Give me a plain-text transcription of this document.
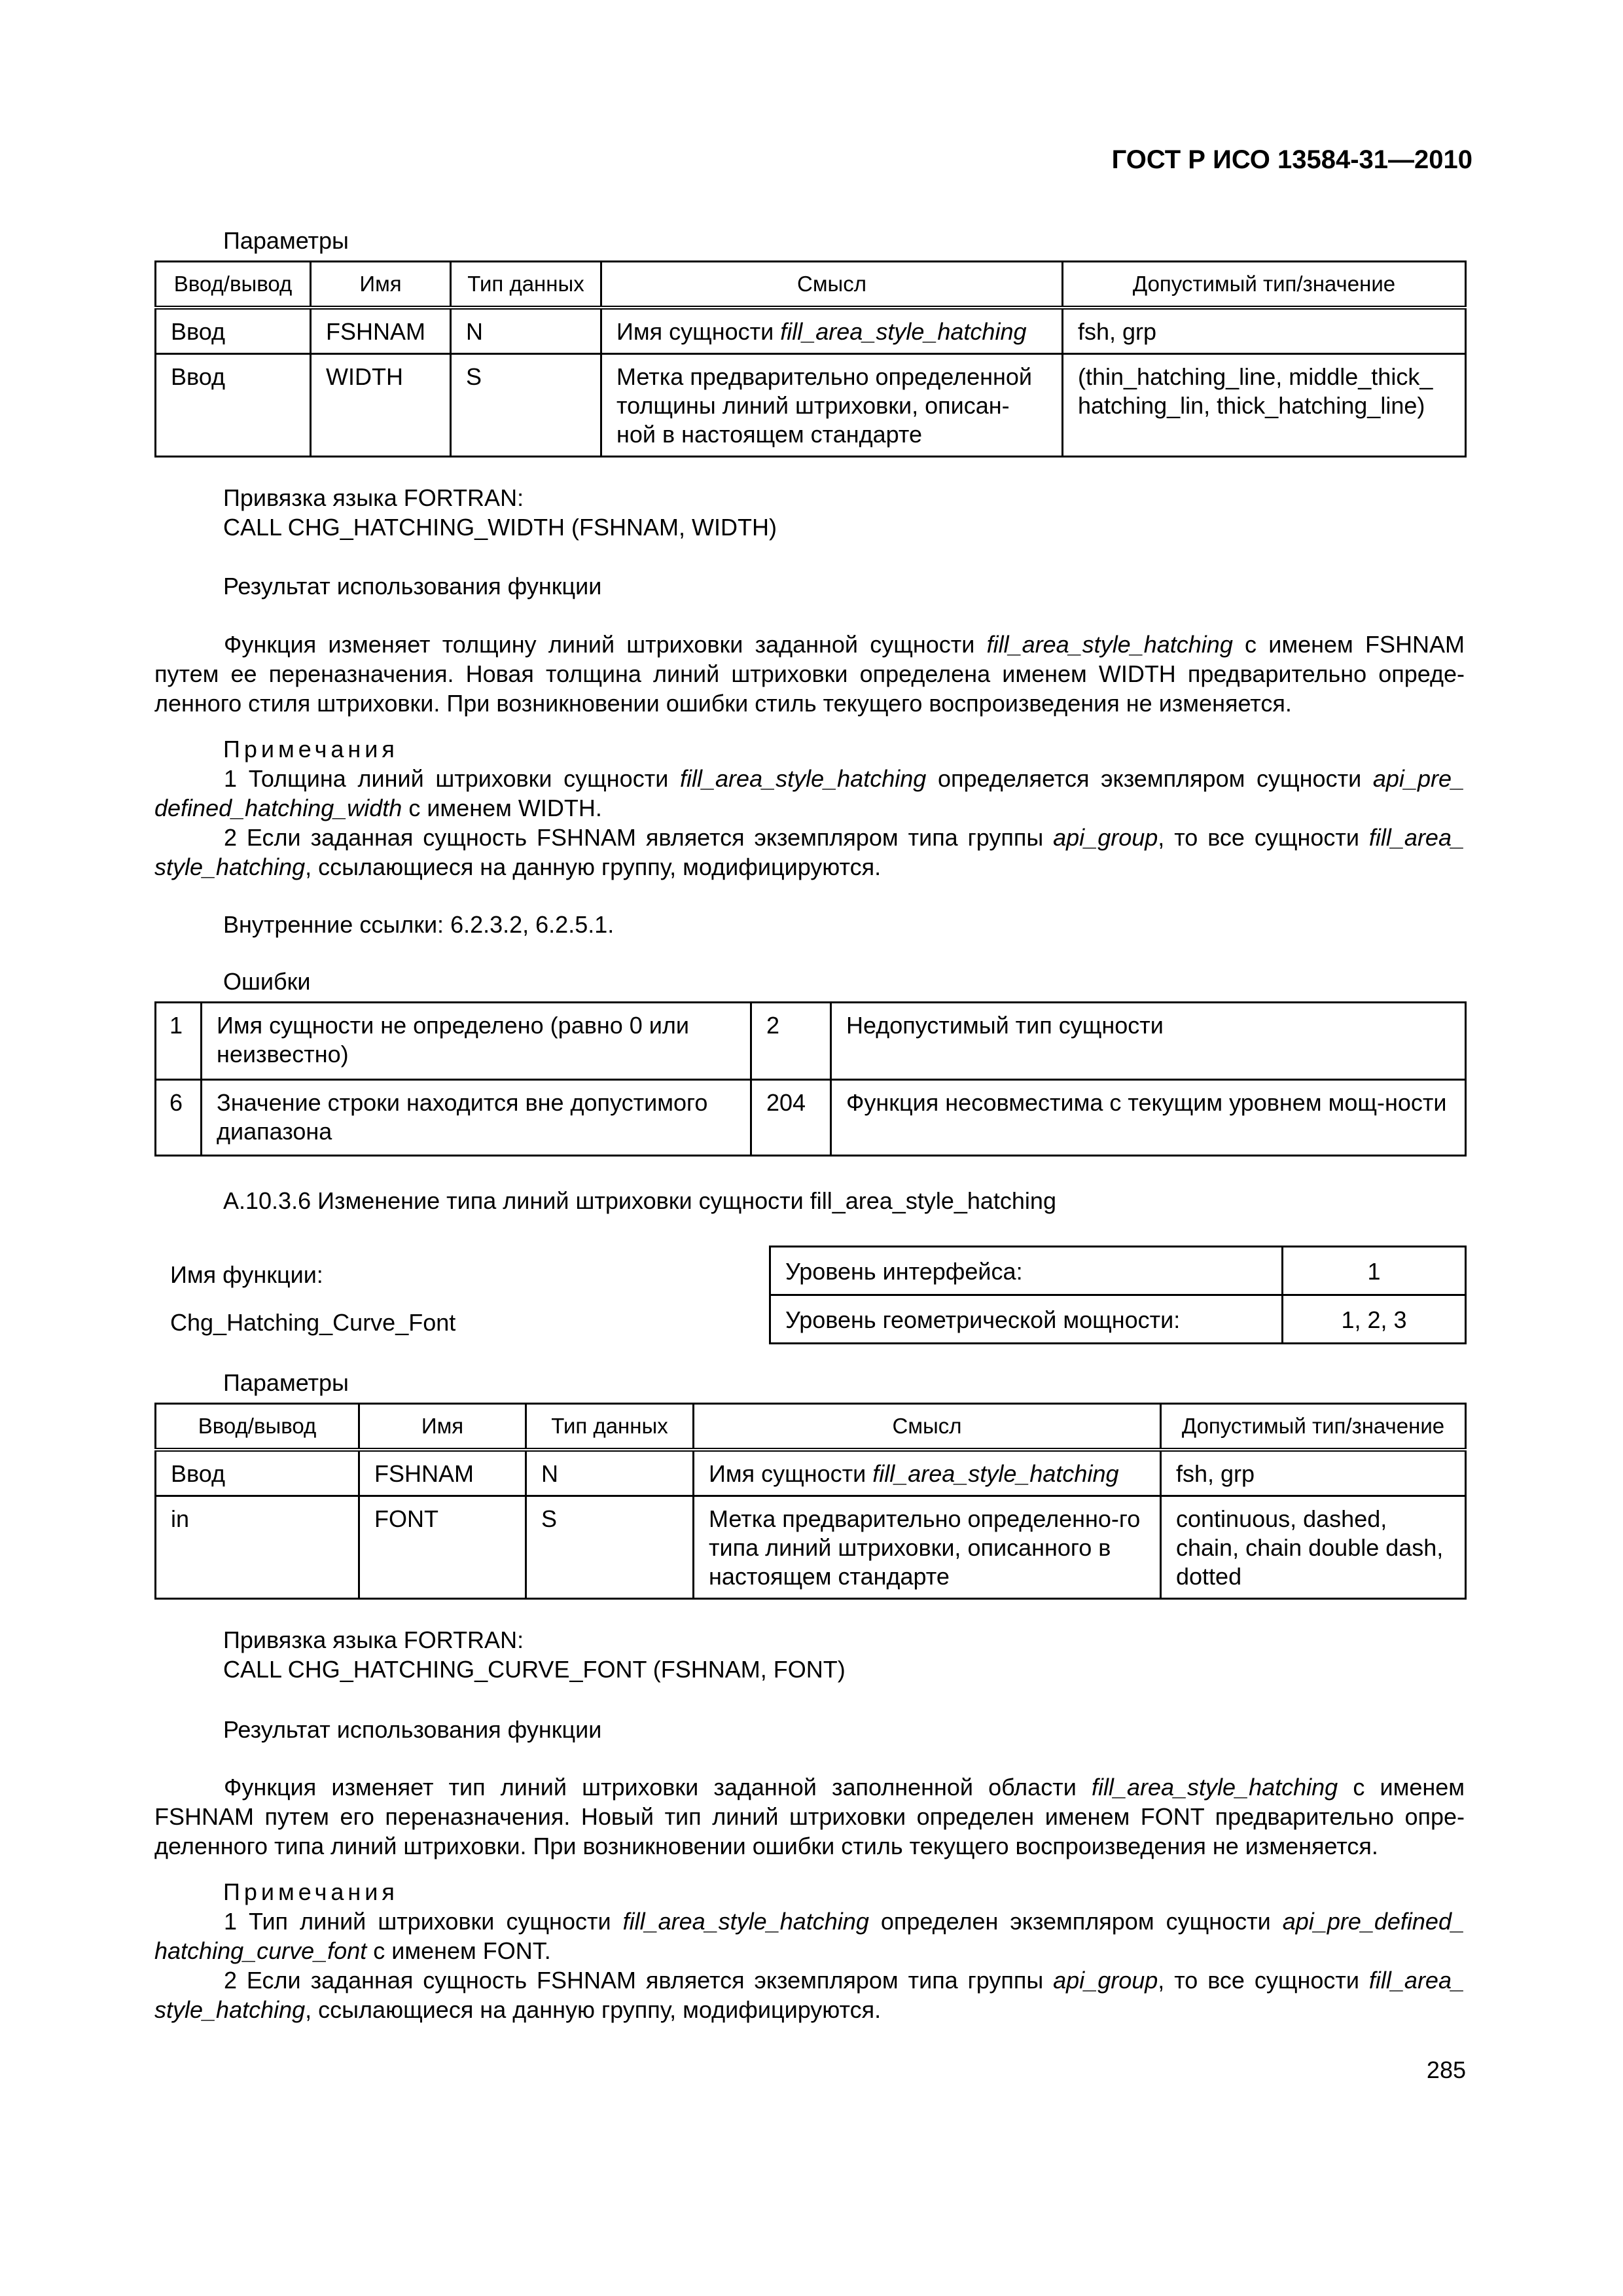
ГОСТ Р ИСО 13584-31—2010
Параметры
Ввод/вывод	Имя	Тип данных	Смысл	Допустимый тип/значение
Ввод	FSHNAM	N	Имя сущности fill_area_style_hatching	fsh, grp
Ввод	WIDTH	S	Метка предварительно определенной толщины линий штриховки, описан-ной в настоящем стандарте	(thin_hatching_line, middle_thick_ hatching_lin, thick_hatching_line)
Привязка языка FORTRAN:
CALL CHG_HATCHING_WIDTH (FSHNAM, WIDTH)
Результат использования функции
Функция изменяет толщину линий штриховки заданной сущности fill_area_style_hatching с именем FSHNAM путем ее переназначения. Новая толщина линий штриховки определена именем WIDTH предварительно опреде-ленного стиля штриховки. При возникновении ошибки стиль текущего воспроизведения не изменяется.
Примечания
1 Толщина линий штриховки сущности fill_area_style_hatching определяется экземпляром сущности api_pre_ defined_hatching_width с именем WIDTH.
2 Если заданная сущность FSHNAM является экземпляром типа группы api_group, то все сущности fill_area_ style_hatching, ссылающиеся на данную группу, модифицируются.
Внутренние ссылки: 6.2.3.2, 6.2.5.1.
Ошибки
1	Имя сущности не определено (равно 0 или неизвестно)	2	Недопустимый тип сущности
6	Значение строки находится вне допустимого диапазона	204	Функция несовместима с текущим уровнем мощ-ности
A.10.3.6 Изменение типа линий штриховки сущности fill_area_style_hatching
Имя функции:
Chg_Hatching_Curve_Font
Уровень интерфейса:	1
Уровень геометрической мощности:	1, 2, 3
Параметры
Ввод/вывод	Имя	Тип данных	Смысл	Допустимый тип/значение
Ввод	FSHNAM	N	Имя сущности fill_area_style_hatching	fsh, grp
in	FONT	S	Метка предварительно определенно-го типа линий штриховки, описанного в настоящем стандарте	continuous, dashed, chain, chain double dash, dotted
Привязка языка FORTRAN:
CALL CHG_HATCHING_CURVE_FONT (FSHNAM, FONT)
Результат использования функции
Функция изменяет тип линий штриховки заданной заполненной области fill_area_style_hatching с именем FSHNAM путем его переназначения. Новый тип линий штриховки определен именем FONT предварительно опре-деленного типа линий штриховки. При возникновении ошибки стиль текущего воспроизведения не изменяется.
Примечания
1 Тип линий штриховки сущности fill_area_style_hatching определен экземпляром сущности api_pre_defined_ hatching_curve_font с именем FONT.
2 Если заданная сущность FSHNAM является экземпляром типа группы api_group, то все сущности fill_area_ style_hatching, ссылающиеся на данную группу, модифицируются.
285
